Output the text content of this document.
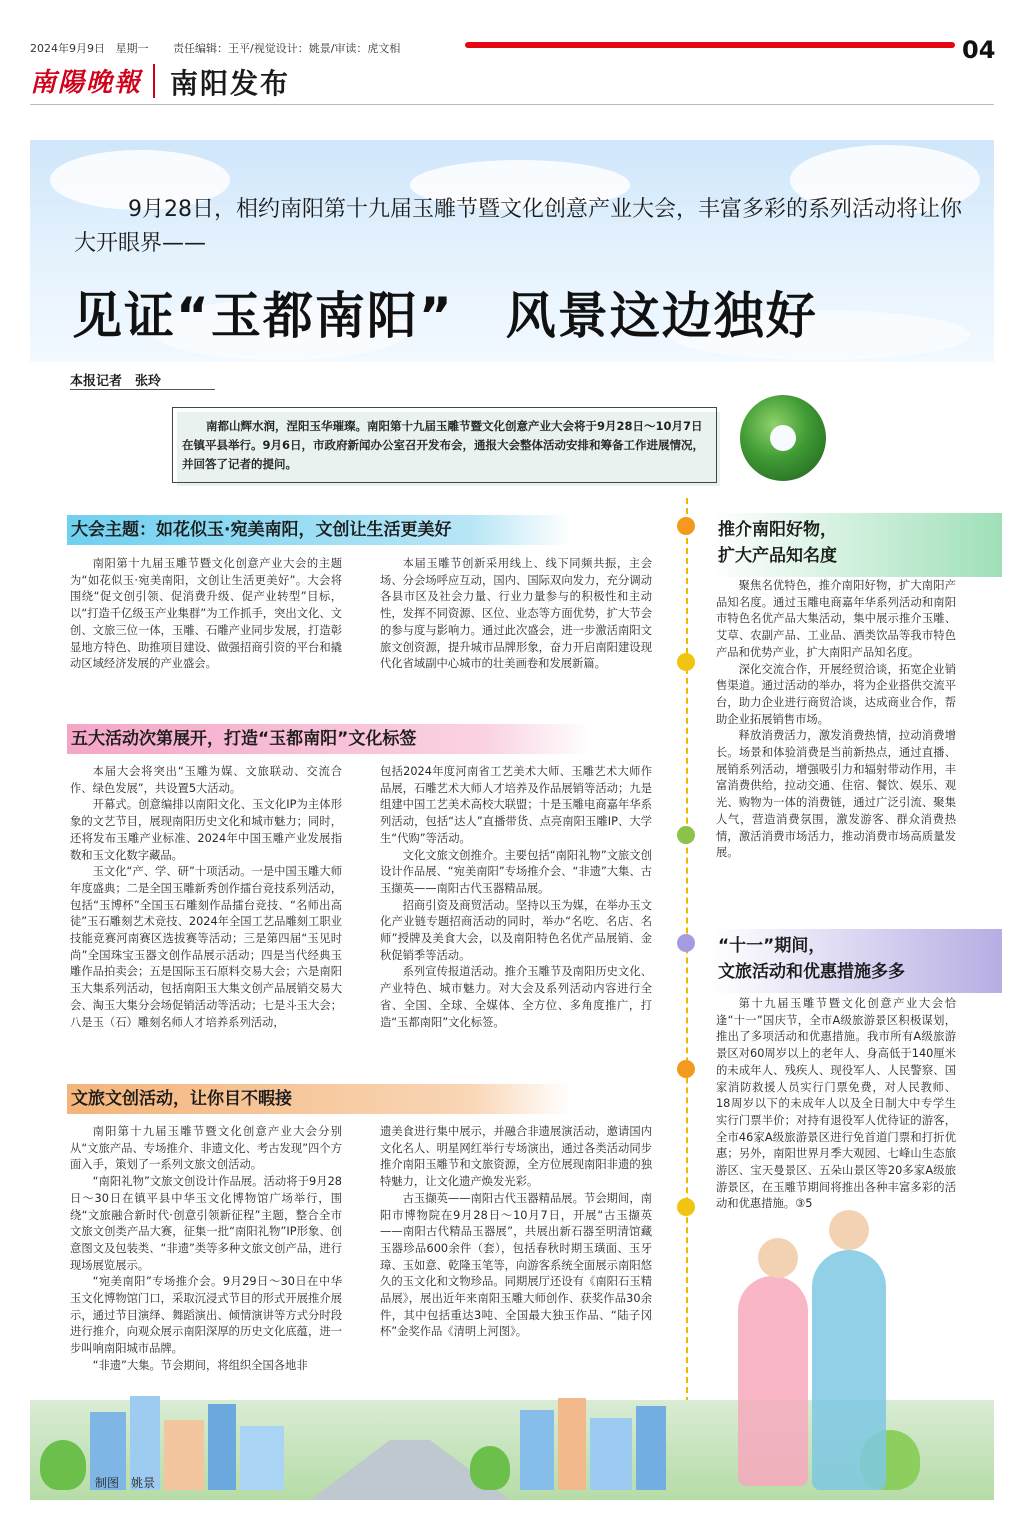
2024年9月9日 星期一 责任编辑：王平/视觉设计：姚景/审读：虎文相	04
南陽晚報 南阳发布
9月28日，相约南阳第十九届玉雕节暨文化创意产业大会，丰富多彩的系列活动将让你大开眼界——
见证“玉都南阳”　风景这边独好
本报记者　张玲
南都山辉水润，涅阳玉华璀璨。南阳第十九届玉雕节暨文化创意产业大会将于9月28日～10月7日在镇平县举行。9月6日，市政府新闻办公室召开发布会，通报大会整体活动安排和筹备工作进展情况，并回答了记者的提问。
大会主题：如花似玉·宛美南阳，文创让生活更美好

南阳第十九届玉雕节暨文化创意产业大会的主题为“如花似玉·宛美南阳，文创让生活更美好”。大会将围绕“促文创引领、促消费升级、促产业转型”目标，以“打造千亿级玉产业集群”为工作抓手，突出文化、文创、文旅三位一体，玉雕、石雕产业同步发展，打造彰显地方特色、助推项目建设、做强招商引资的平台和撬动区域经济发展的产业盛会。

本届玉雕节创新采用线上、线下同频共振，主会场、分会场呼应互动，国内、国际双向发力，充分调动各县市区及社会力量、行业力量参与的积极性和主动性，发挥不同资源、区位、业态等方面优势，扩大节会的参与度与影响力。通过此次盛会，进一步激活南阳文旅文创资源，提升城市品牌形象，奋力开启南阳建设现代化省域副中心城市的壮美画卷和发展新篇。

五大活动次第展开，打造“玉都南阳”文化标签

本届大会将突出“玉雕为媒、文旅联动、交流合作、绿色发展”，共设置5大活动。

开幕式。创意编排以南阳文化、玉文化IP为主体形象的文艺节目，展现南阳历史文化和城市魅力；同时，还将发布玉雕产业标准、2024年中国玉雕产业发展指数和玉文化数字藏品。

玉文化“产、学、研”十项活动。一是中国玉雕大师年度盛典；二是全国玉雕新秀创作擂台竞技系列活动，包括“玉博杯”全国玉石雕刻作品擂台竞技、“名师出高徒”玉石雕刻艺术竞技、2024年全国工艺品雕刻工职业技能竞赛河南赛区选拔赛等活动；三是第四届“玉见时尚”全国珠宝玉器文创作品展示活动；四是当代经典玉雕作品拍卖会；五是国际玉石原料交易大会；六是南阳玉大集系列活动，包括南阳玉大集文创产品展销交易大会、淘玉大集分会场促销活动等活动；七是斗玉大会；八是玉（石）雕刻名师人才培养系列活动，

包括2024年度河南省工艺美术大师、玉雕艺术大师作品展，石雕艺术大师人才培养及作品展销等活动；九是组建中国工艺美术高校大联盟；十是玉雕电商嘉年华系列活动，包括“达人”直播带货、点亮南阳玉雕IP、大学生“代购”等活动。

文化文旅文创推介。主要包括“南阳礼物”文旅文创设计作品展、“宛美南阳”专场推介会、“非遗”大集、古玉撷英——南阳古代玉器精品展。

招商引资及商贸活动。坚持以玉为媒，在举办玉文化产业链专题招商活动的同时，举办“名吃、名店、名师”授牌及美食大会，以及南阳特色名优产品展销、金秋促销季等活动。

系列宣传报道活动。推介玉雕节及南阳历史文化、产业特色、城市魅力。对大会及系列活动内容进行全省、全国、全球、全媒体、全方位、多角度推广，打造“玉都南阳”文化标签。

文旅文创活动，让你目不暇接

南阳第十九届玉雕节暨文化创意产业大会分别从“文旅产品、专场推介、非遗文化、考古发现”四个方面入手，策划了一系列文旅文创活动。

“南阳礼物”文旅文创设计作品展。活动将于9月28日～30日在镇平县中华玉文化博物馆广场举行，围绕“文旅融合新时代·创意引领新征程”主题，整合全市文旅文创类产品大赛，征集一批“南阳礼物”IP形象、创意图文及包装类、“非遗”类等多种文旅文创产品，进行现场展览展示。

“宛美南阳”专场推介会。9月29日～30日在中华玉文化博物馆门口，采取沉浸式节目的形式开展推介展示，通过节目演绎、舞蹈演出、倾情演讲等方式分时段进行推介，向观众展示南阳深厚的历史文化底蕴，进一步叫响南阳城市品牌。

“非遗”大集。节会期间，将组织全国各地非

遗美食进行集中展示，并融合非遗展演活动，邀请国内文化名人、明星网红举行专场演出，通过各类活动同步推介南阳玉雕节和文旅资源，全方位展现南阳非遗的独特魅力，让文化遗产焕发光彩。

古玉撷英——南阳古代玉器精品展。节会期间，南阳市博物院在9月28日～10月7日，开展“古玉撷英——南阳古代精品玉器展”，共展出新石器至明清馆藏玉器珍品600余件（套），包括春秋时期玉璜面、玉牙璋、玉如意、乾隆玉笔等，向游客系统全面展示南阳悠久的玉文化和文物珍品。同期展厅还设有《南阳石玉精品展》，展出近年来南阳玉雕大师创作、获奖作品30余件，其中包括重达3吨、全国最大独玉作品、“陆子冈杯”金奖作品《清明上河图》。

推介南阳好物，
扩大产品知名度

聚焦名优特色，推介南阳好物，扩大南阳产品知名度。通过玉雕电商嘉年华系列活动和南阳市特色名优产品大集活动，集中展示推介玉雕、艾草、农副产品、工业品、酒类饮品等我市特色产品和优势产业，扩大南阳产品知名度。

深化交流合作，开展经贸洽谈，拓宽企业销售渠道。通过活动的举办，将为企业搭供交流平台，助力企业进行商贸洽谈，达成商业合作，帮助企业拓展销售市场。

释放消费活力，激发消费热情，拉动消费增长。场景和体验消费是当前新热点，通过直播、展销系列活动，增强吸引力和辐射带动作用，丰富消费供给，拉动交通、住宿、餐饮、娱乐、观光、购物为一体的消费链，通过广泛引流、聚集人气，营造消费氛围，激发游客、群众消费热情，激活消费市场活力，推动消费市场高质量发展。

“十一”期间，
文旅活动和优惠措施多多

第十九届玉雕节暨文化创意产业大会恰逢“十一”国庆节，全市A级旅游景区积极谋划，推出了多项活动和优惠措施。我市所有A级旅游景区对60周岁以上的老年人、身高低于140厘米的未成年人、残疾人、现役军人、人民警察、国家消防救援人员实行门票免费，对人民教师、18周岁以下的未成年人以及全日制大中专学生实行门票半价；对持有退役军人优待证的游客，全市46家A级旅游景区进行免首道门票和打折优惠；另外，南阳世界月季大观园、七峰山生态旅游区、宝天曼景区、五朵山景区等20多家A级旅游景区，在玉雕节期间将推出各种丰富多彩的活动和优惠措施。③5

制图　姚景
